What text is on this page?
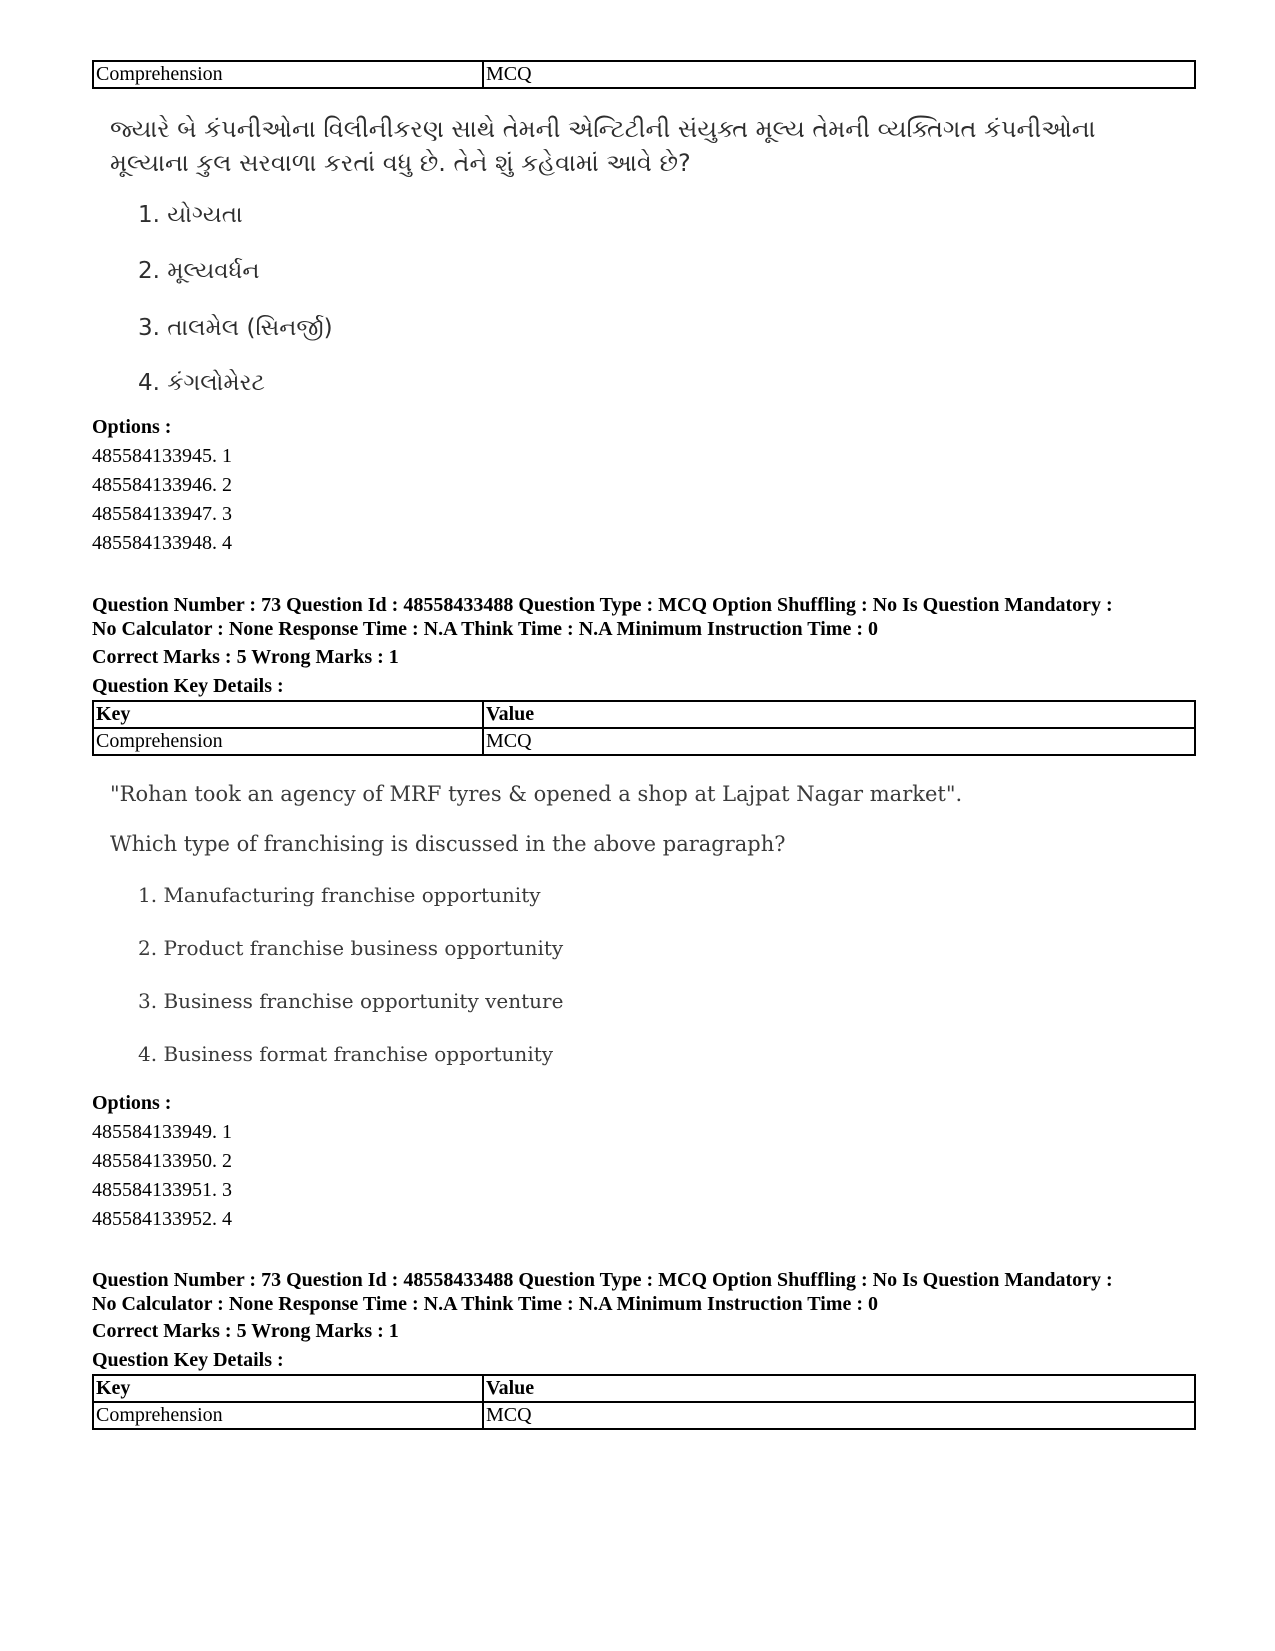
Comprehension	MCQ
જ્યારે બે કંપનીઓના વિલીનીકરણ સાથે તેમની એન્ટિટીની સંયુક્ત મૂલ્ય તેમની વ્યક્તિગત કંપનીઓના મૂલ્યાના કુલ સરવાળા કરતાં વધુ છે. તેને શું કહેવામાં આવે છે?
1. યોગ્યતા
2. મૂલ્યવર્ધન
3. તાલમેલ (સિનર્જી)
4. કંગલોમેરટ
Options :
485584133945. 1
485584133946. 2
485584133947. 3
485584133948. 4
Question Number : 73 Question Id : 48558433488 Question Type : MCQ Option Shuffling : No Is Question Mandatory :
No Calculator : None Response Time : N.A Think Time : N.A Minimum Instruction Time : 0
Correct Marks : 5 Wrong Marks : 1
Question Key Details :
Key	Value
Comprehension	MCQ
"Rohan took an agency of MRF tyres & opened a shop at Lajpat Nagar market".
Which type of franchising is discussed in the above paragraph?
1. Manufacturing franchise opportunity
2. Product franchise business opportunity
3. Business franchise opportunity venture
4. Business format franchise opportunity
Options :
485584133949. 1
485584133950. 2
485584133951. 3
485584133952. 4
Question Number : 73 Question Id : 48558433488 Question Type : MCQ Option Shuffling : No Is Question Mandatory :
No Calculator : None Response Time : N.A Think Time : N.A Minimum Instruction Time : 0
Correct Marks : 5 Wrong Marks : 1
Question Key Details :
Key	Value
Comprehension	MCQ
